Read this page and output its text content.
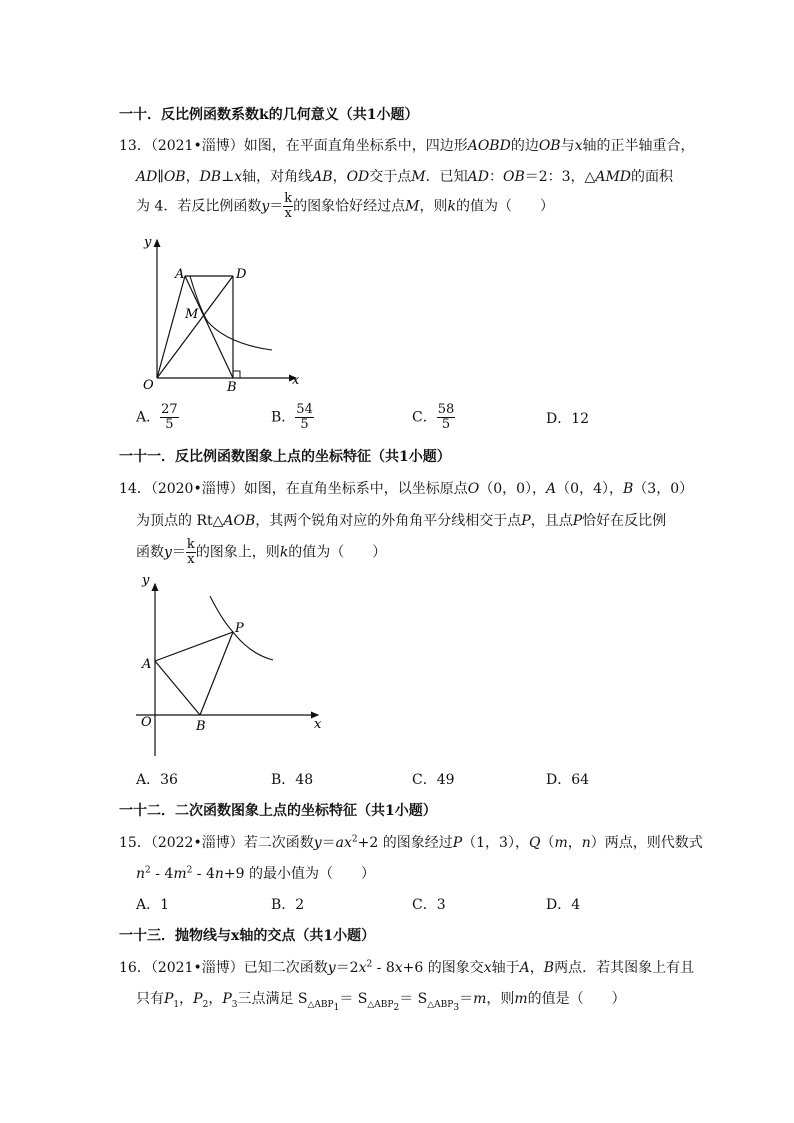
一十．反比例函数系数k的几何意义（共1小题）
13．（2021•淄博）如图，在平面直角坐标系中，四边形AOBD的边OB与x轴的正半轴重合，
AD∥OB，DB⊥x轴，对角线AB，OD交于点M．已知AD：OB＝2：3，△AMD的面积
为 4．若反比例函数$y= \frac{k}{x}$ 的图象恰好经过点M，则k的值为（　　）
y
x
A	D
M
O	B
A． $\frac{27}{5}$	B． $\frac{54}{5}$	C． $\frac{58}{5}$	D．12
一十一．反比例函数图象上点的坐标特征（共1小题）
14．（2020•淄博）如图，在直角坐标系中，以坐标原点O（0，0），A（0，4），B（3，0）
为顶点的 Rt△AOB，其两个锐角对应的外角角平分线相交于点P，且点P恰好在反比例
函数$y= \frac{k}{x}$ 的图象上，则k的值为（　　）
y
x
A
P
O	B
A．36	B．48	C．49	D．64
一十二．二次函数图象上点的坐标特征（共1小题）
15．（2022•淄博）若二次函数$y=ax^2+2$ 的图象经过P（1，3），Q（m，n）两点，则代数式
$n^2 - 4m^2 - 4n+9$ 的最小值为（　　）
A．1	B．2	C．3	D．4
一十三．抛物线与x轴的交点（共1小题）
16．（2021•淄博）已知二次函数$y=2x^2 - 8x+6$ 的图象交x轴于A，B两点．若其图象上有且
只有$P_1$，$P_2$，$P_3$三点满足 $S_{\triangle ABP_1}= S_{\triangle ABP_2}= S_{\triangle ABP_3}=m$，则m的值是（　　）
